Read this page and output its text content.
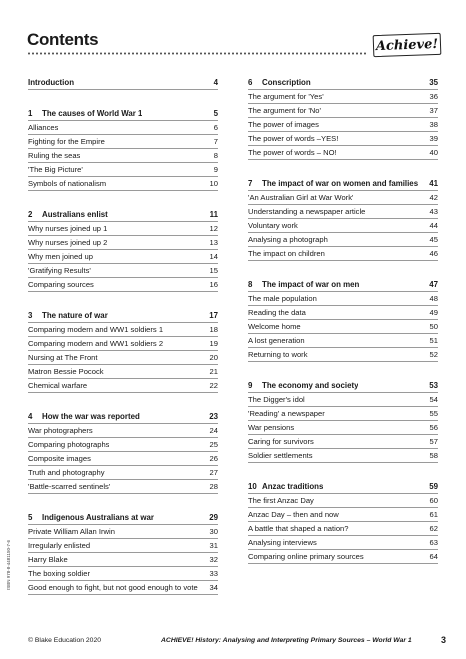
Contents	Achieve!
Introduction	4
1 The causes of World War 1	5
Alliances	6
Fighting for the Empire	7
Ruling the seas	8
'The Big Picture'	9
Symbols of nationalism	10
2 Australians enlist	11
Why nurses joined up 1	12
Why nurses joined up 2	13
Why men joined up	14
'Gratifying Results'	15
Comparing sources	16
3 The nature of war	17
Comparing modern and WW1 soldiers 1	18
Comparing modern and WW1 soldiers 2	19
Nursing at The Front	20
Matron Bessie Pocock	21
Chemical warfare	22
4 How the war was reported	23
War photographers	24
Comparing photographs	25
Composite images	26
Truth and photography	27
'Battle-scarred sentinels'	28
5 Indigenous Australians at war	29
Private William Allan Irwin	30
Irregularly enlisted	31
Harry Blake	32
The boxing soldier	33
Good enough to fight, but not good enough to vote	34
6 Conscription	35
The argument for 'Yes'	36
The argument for 'No'	37
The power of images	38
The power of words –YES!	39
The power of words – NO!	40
7 The impact of war on women and families	41
'An Australian Girl at War Work'	42
Understanding a newspaper article	43
Voluntary work	44
Analysing a photograph	45
The impact on children	46
8 The impact of war on men	47
The male population	48
Reading the data	49
Welcome home	50
A lost generation	51
Returning to work	52
9 The economy and society	53
The Digger's idol	54
'Reading' a newspaper	55
War pensions	56
Caring for survivors	57
Soldier settlements	58
10 Anzac traditions	59
The first Anzac Day	60
Anzac Day – then and now	61
A battle that shaped a nation?	62
Analysing interviews	63
Comparing online primary sources	64
ISBN 978-8-4481150-7-6
© Blake Education 2020	ACHIEVE! History: Analysing and Interpreting Primary Sources – World War 1	3
